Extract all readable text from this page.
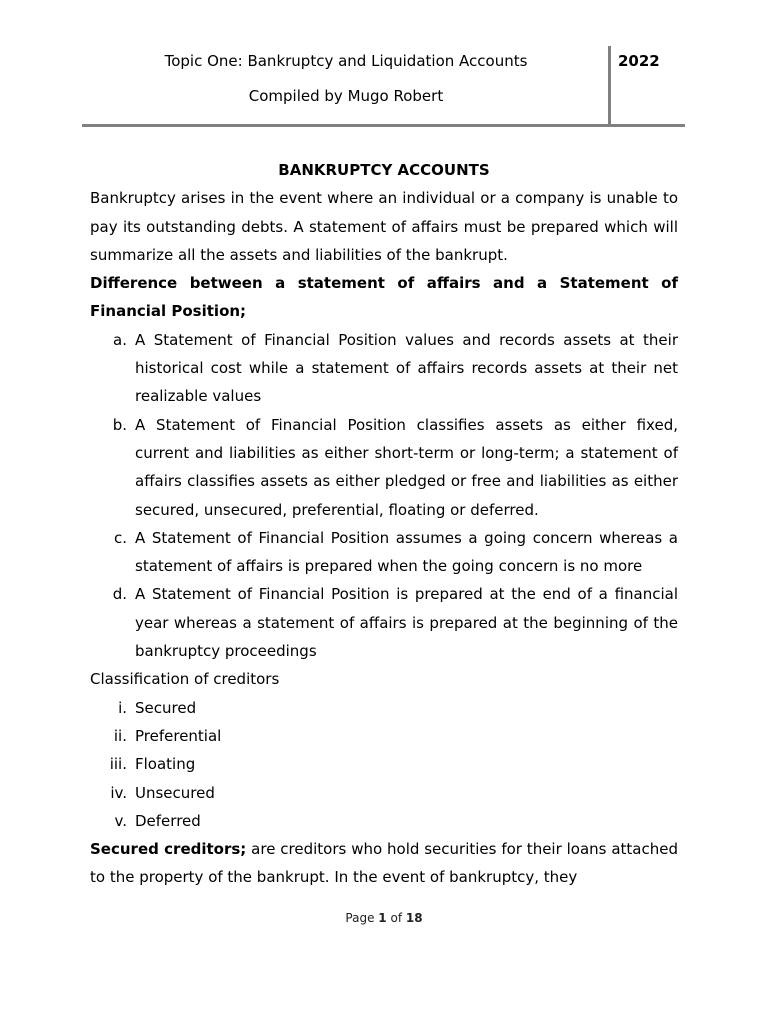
Topic One: Bankruptcy and Liquidation Accounts
Compiled by Mugo Robert
2022

BANKRUPTCY ACCOUNTS

Bankruptcy arises in the event where an individual or a company is unable to pay its outstanding debts. A statement of affairs must be prepared which will summarize all the assets and liabilities of the bankrupt.

Difference between a statement of affairs and a Statement of Financial Position;

a. A Statement of Financial Position values and records assets at their historical cost while a statement of affairs records assets at their net realizable values
b. A Statement of Financial Position classifies assets as either fixed, current and liabilities as either short-term or long-term; a statement of affairs classifies assets as either pledged or free and liabilities as either secured, unsecured, preferential, floating or deferred.
c. A Statement of Financial Position assumes a going concern whereas a statement of affairs is prepared when the going concern is no more
d. A Statement of Financial Position is prepared at the end of a financial year whereas a statement of affairs is prepared at the beginning of the bankruptcy proceedings

Classification of creditors

i. Secured
ii. Preferential
iii. Floating
iv. Unsecured
v. Deferred

Secured creditors; are creditors who hold securities for their loans attached to the property of the bankrupt. In the event of bankruptcy, they

Page 1 of 18
